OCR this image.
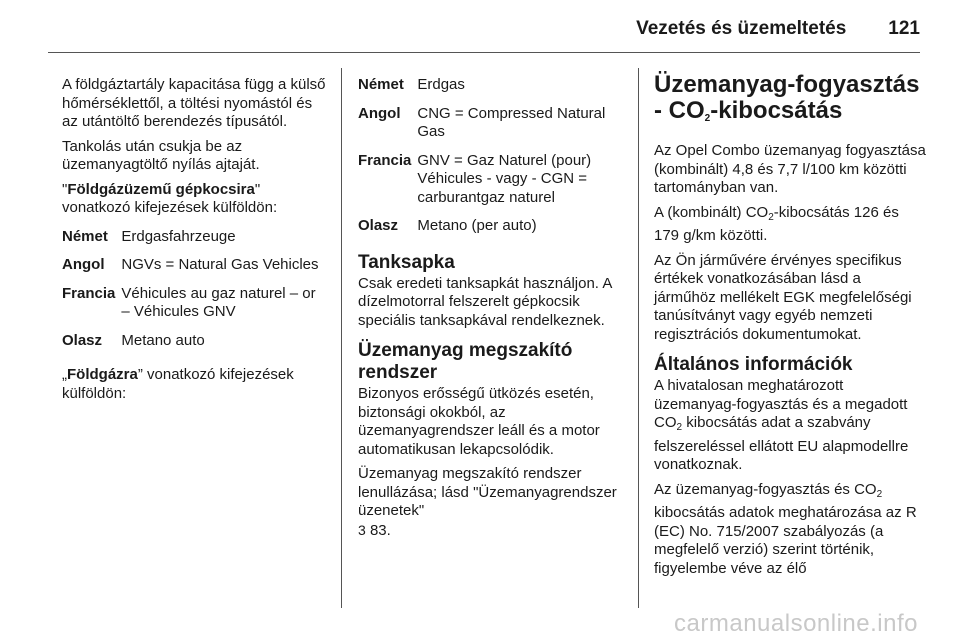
Vezetés és üzemeltetés 121

A földgáztartály kapacitása függ a külső hőmérséklettől, a töltési nyomástól és az utántöltő berendezés típusától.

Tankolás után csukja be az üzemanyagtöltő nyílás ajtaját.

"Földgázüzemű gépkocsira" vonatkozó kifejezések külföldön:

Német	Erdgasfahrzeuge
Angol	NGVs = Natural Gas Vehicles
Francia	Véhicules au gaz naturel – or – Véhicules GNV
Olasz	Metano auto

„Földgázra” vonatkozó kifejezések külföldön:

Német	Erdgas
Angol	CNG = Compressed Natural Gas
Francia	GNV = Gaz Naturel (pour) Véhicules - vagy - CGN = carburantgaz naturel
Olasz	Metano (per auto)
Tanksapka

Csak eredeti tanksapkát használjon. A dízelmotorral felszerelt gépkocsik speciális tanksapkával rendelkeznek.

Üzemanyag megszakító rendszer

Bizonyos erősségű ütközés esetén, biztonsági okokból, az üzemanyagrendszer leáll és a motor automatikusan lekapcsolódik.

Üzemanyag megszakító rendszer lenullázása; lásd "Üzemanyagrendszer üzenetek"
3 83.

Üzemanyag-fogyasztás - $CO_2$-kibocsátás

Az Opel Combo üzemanyag fogyasztása (kombinált) 4,8 és 7,7 l/100 km közötti tartományban van.

A (kombinált) $CO_2$-kibocsátás 126 és 179 g/km közötti.

Az Ön járművére érvényes specifikus értékek vonatkozásában lásd a járműhöz mellékelt EGK megfelelőségi tanúsítványt vagy egyéb nemzeti regisztrációs dokumentumokat.

Általános információk

A hivatalosan meghatározott üzemanyag-fogyasztás és a megadott $CO_2$ kibocsátás adat a szabvány felszereléssel ellátott EU alapmodellre vonatkoznak.

Az üzemanyag-fogyasztás és $CO_2$ kibocsátás adatok meghatározása az R (EC) No. 715/2007 szabályozás (a megfelelő verzió) szerint történik, figyelembe véve az élő

carmanualsonline.info
